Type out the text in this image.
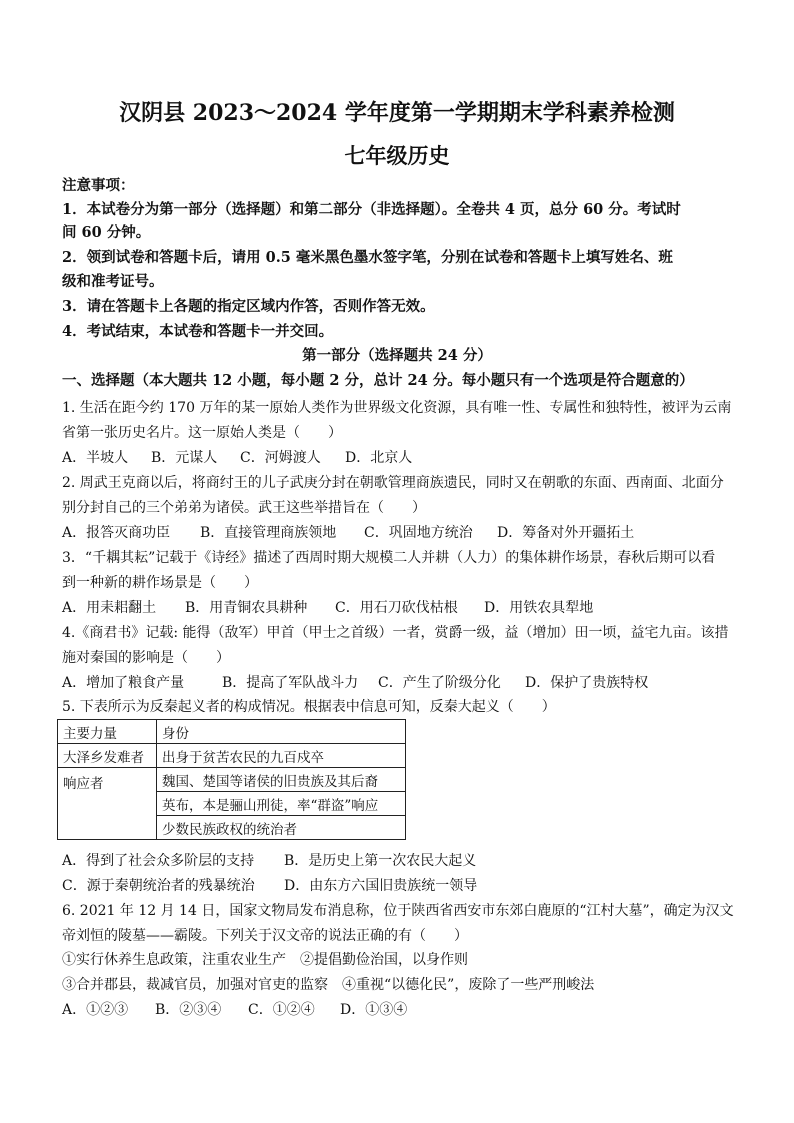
汉阴县 2023～2024 学年度第一学期期末学科素养检测
七年级历史
注意事项：
1．本试卷分为第一部分（选择题）和第二部分（非选择题）。全卷共 4 页，总分 60 分。考试时
间 60 分钟。
2．领到试卷和答题卡后，请用 0.5 毫米黑色墨水签字笔，分别在试卷和答题卡上填写姓名、班
级和准考证号。
3．请在答题卡上各题的指定区域内作答，否则作答无效。
4．考试结束，本试卷和答题卡一并交回。
第一部分（选择题共 24 分）
一、选择题（本大题共 12 小题，每小题 2 分，总计 24 分。每小题只有一个选项是符合题意的）
1. 生活在距今约 170 万年的某一原始人类作为世界级文化资源，具有唯一性、专属性和独特性，被评为云南
省第一张历史名片。这一原始人类是（　　）
A．半坡人 B．元谋人 C．河姆渡人 D．北京人
2. 周武王克商以后，将商纣王的儿子武庚分封在朝歌管理商族遗民，同时又在朝歌的东面、西南面、北面分
别分封自己的三个弟弟为诸侯。武王这些举措旨在（　　）
A．报答灭商功臣 B．直接管理商族领地 C．巩固地方统治 D．筹备对外开疆拓土
3．“千耦其耘”记载于《诗经》描述了西周时期大规模二人并耕（人力）的集体耕作场景，春秋后期可以看
到一种新的耕作场景是（　　）
A．用耒耜翻土 B．用青铜农具耕种 C．用石刀砍伐枯根 D．用铁农具犁地
4.《商君书》记载: 能得（敌军）甲首（甲士之首级）一者，赏爵一级，益（增加）田一顷，益宅九亩。该措
施对秦国的影响是（　　）
A．增加了粮食产量	B．提高了军队战斗力 C．产生了阶级分化 D．保护了贵族特权
5. 下表所示为反秦起义者的构成情况。根据表中信息可知，反秦大起义（　　）
主要力量	身份
大泽乡发难者	出身于贫苦农民的九百戍卒
响应者	魏国、楚国等诸侯的旧贵族及其后裔
	英布，本是骊山刑徒，率“群盗”响应
	少数民族政权的统治者
A．得到了社会众多阶层的支持 B．是历史上第一次农民大起义
C．源于秦朝统治者的残暴统治 D．由东方六国旧贵族统一领导
6. 2021 年 12 月 14 日，国家文物局发布消息称，位于陕西省西安市东郊白鹿原的“江村大墓”，确定为汉文
帝刘恒的陵墓——霸陵。下列关于汉文帝的说法正确的有（　　）
①实行休养生息政策，注重农业生产　②提倡勤俭治国，以身作则
③合并郡县，裁减官员，加强对官吏的监察　④重视“以德化民”，废除了一些严刑峻法
A．①②③ B．②③④ C．①②④ D．①③④
